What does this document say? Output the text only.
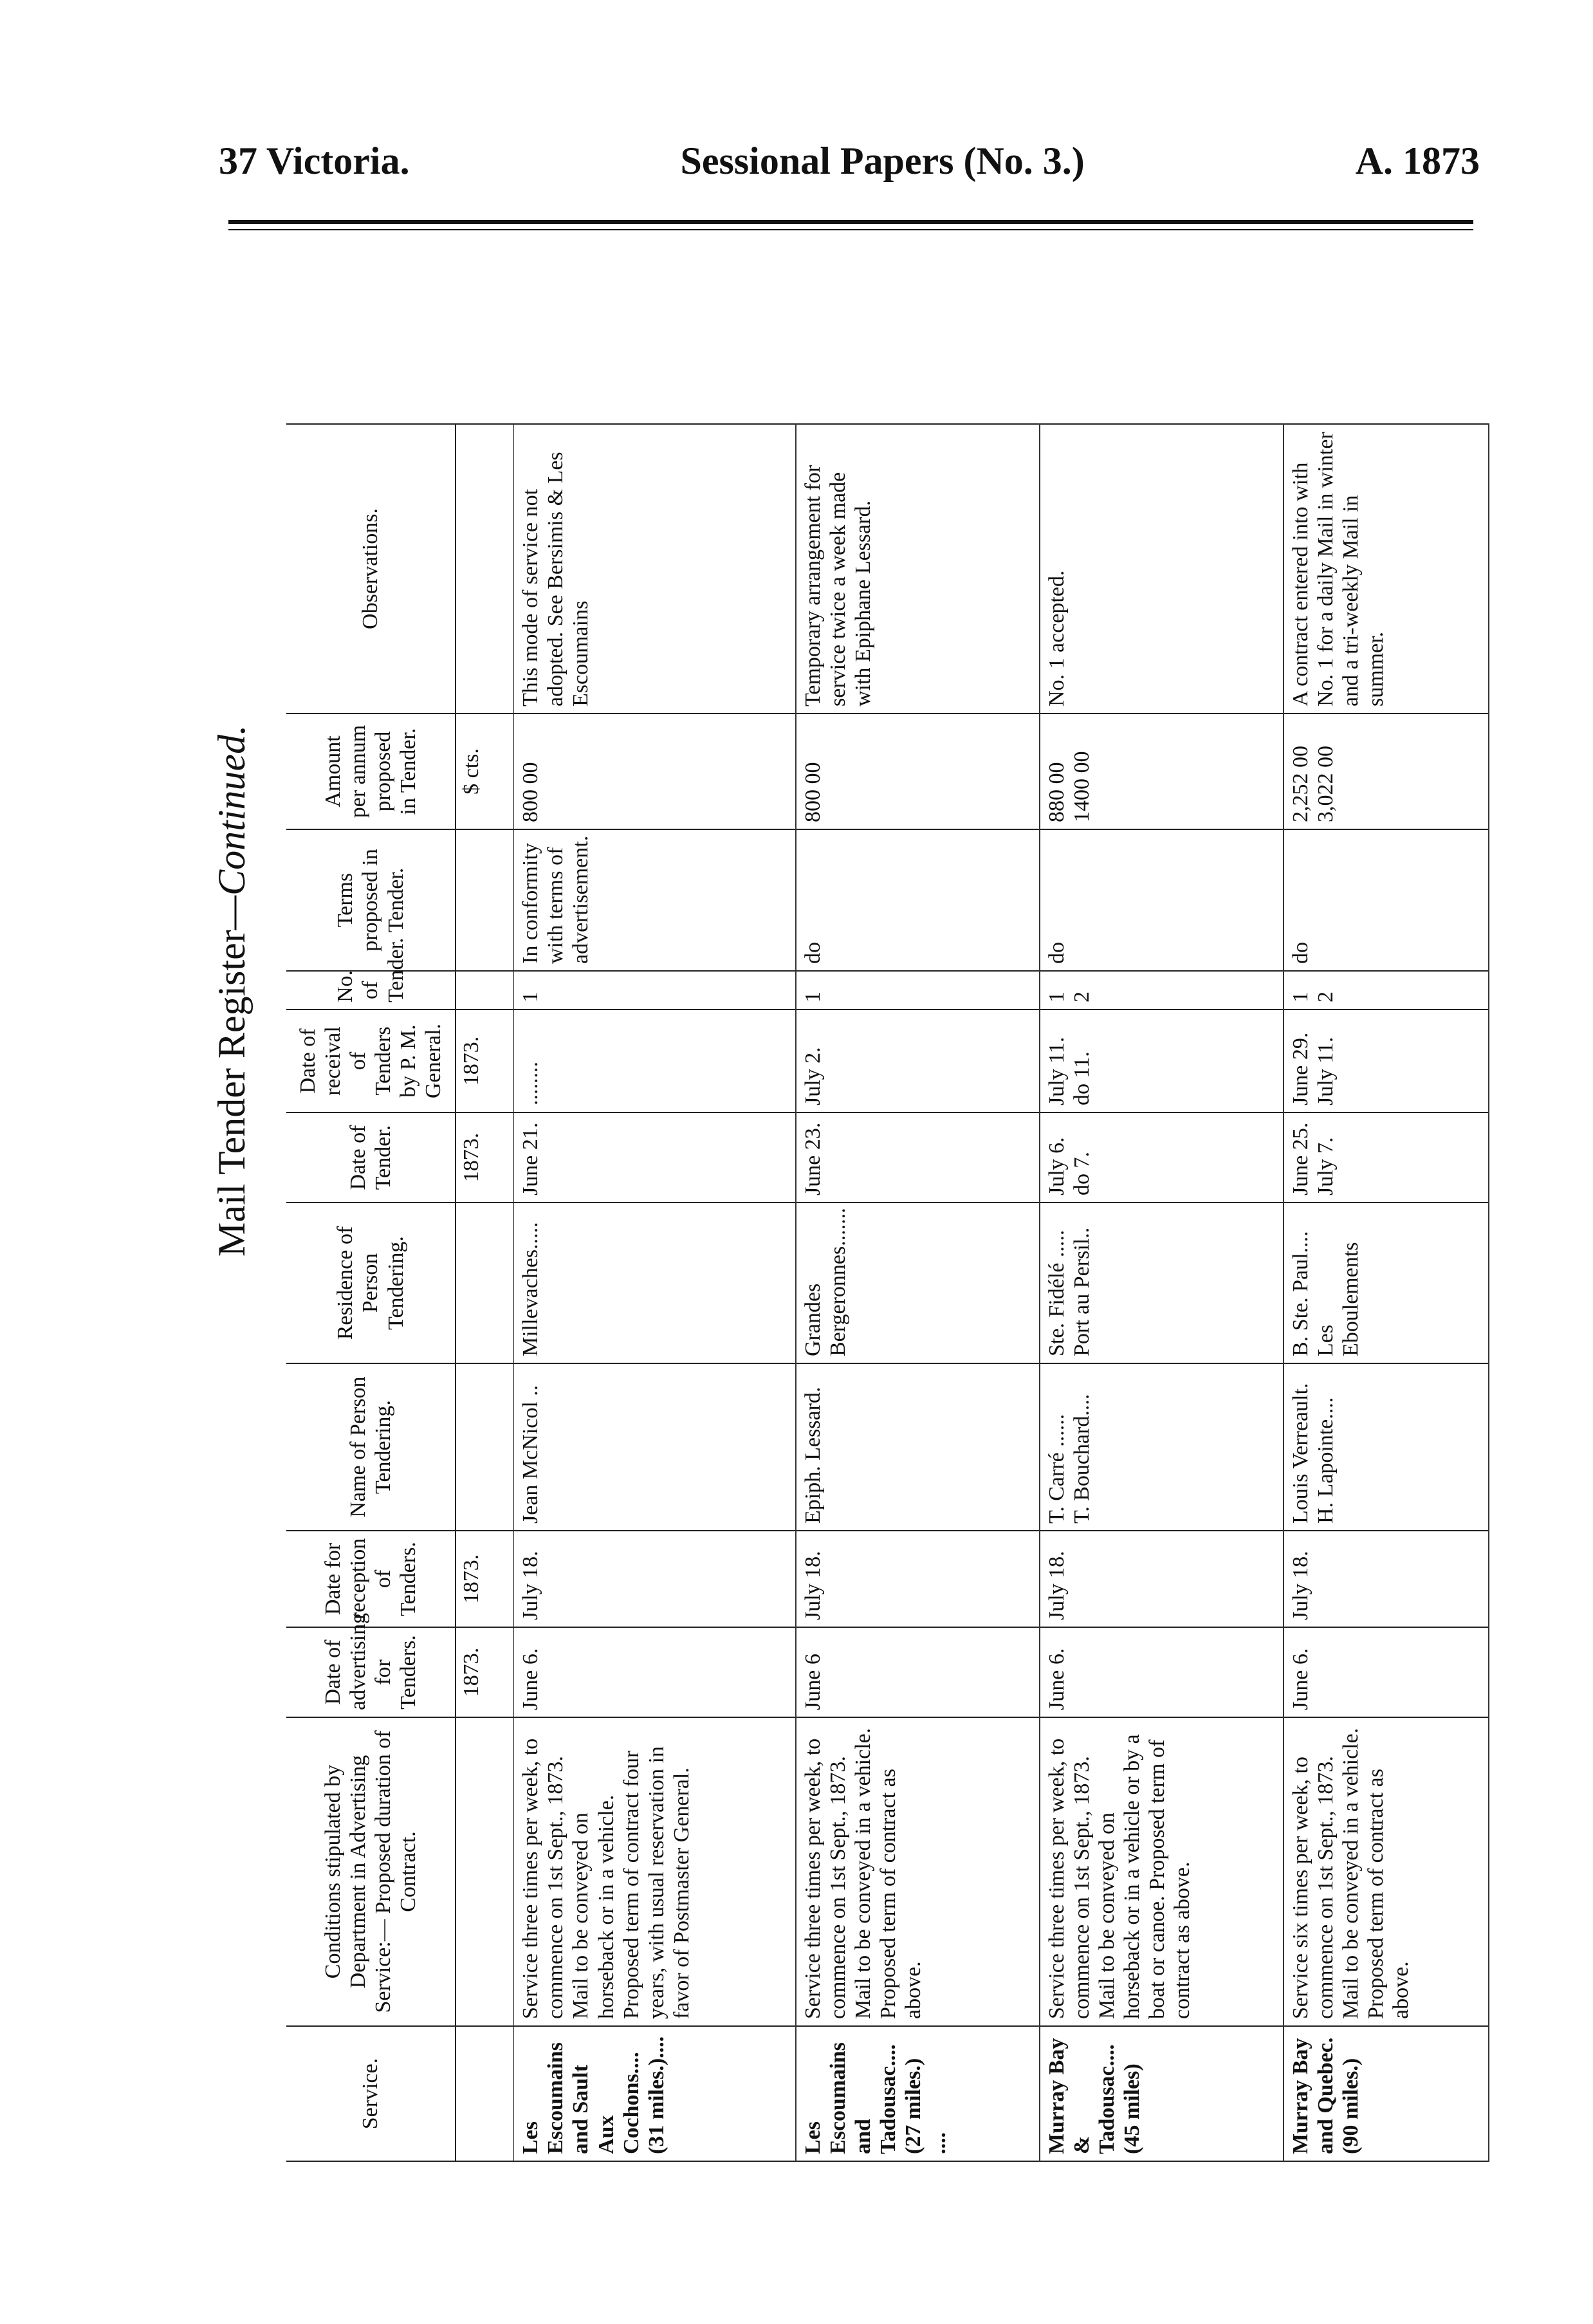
37 Victoria.	Sessional Papers (No. 3.)	A. 1873
Mail Tender Register
—Continued.
Service.	Conditions stipulated by Department in Advertising Service:— Proposed duration of Contract.	Date of advertising for Tenders.	Date for reception of Tenders.	Name of Person Tendering.	Residence of Person Tendering.	Date of Tender.	Date of receival of Tenders by P. M. General.	No. of Tender.	Terms proposed in Tender.	Amount per annum proposed in Tender.	Observations.
		1873.	1873.			1873.	1873.			$ cts.	
Les Escoumains and Sault Aux Cochons.... (31 miles.)....	Service three times per week, to commence on 1st Sept., 1873. Mail to be conveyed on horseback or in a vehicle. Proposed term of contract four years, with usual reservation in favor of Postmaster General.	June 6.	July 18.	Jean McNicol ..	Millevaches.....	June 21.	........	1	In conformity with terms of advertisement.	800 00	This mode of service not adopted. See Bersimis & Les Escoumains
Les Escoumains and Tadousac.... (27 miles.) ....	Service three times per week, to commence on 1st Sept., 1873. Mail to be conveyed in a vehicle. Proposed term of contract as above.	June 6	July 18.	Epiph. Lessard.	Grandes Bergeronnes.......	June 23.	July 2.	1	do	800 00	Temporary arrangement for service twice a week made with Epiphane Lessard.
Murray Bay & Tadousac.... (45 miles)	Service three times per week, to commence on 1st Sept., 1873. Mail to be conveyed on horseback or in a vehicle or by a boat or canoe. Proposed term of contract as above.	June 6.	July 18.	T. Carré ...... T. Bouchard....	Ste. Fidélé ..... Port au Persil..	July 6. do 7.	July 11. do 11.	1 2	do	880 00 1400 00	No. 1 accepted.
Murray Bay and Quebec. (90 miles.)	Service six times per week, to commence on 1st Sept., 1873. Mail to be conveyed in a vehicle. Proposed term of contract as above.	June 6.	July 18.	Louis Verreault. H. Lapointe....	B. Ste. Paul.... Les Eboulements	June 25. July 7.	June 29. July 11.	1 2	do	2,252 00 3,022 00	A contract entered into with No. 1 for a daily Mail in winter and a tri-weekly Mail in summer.
